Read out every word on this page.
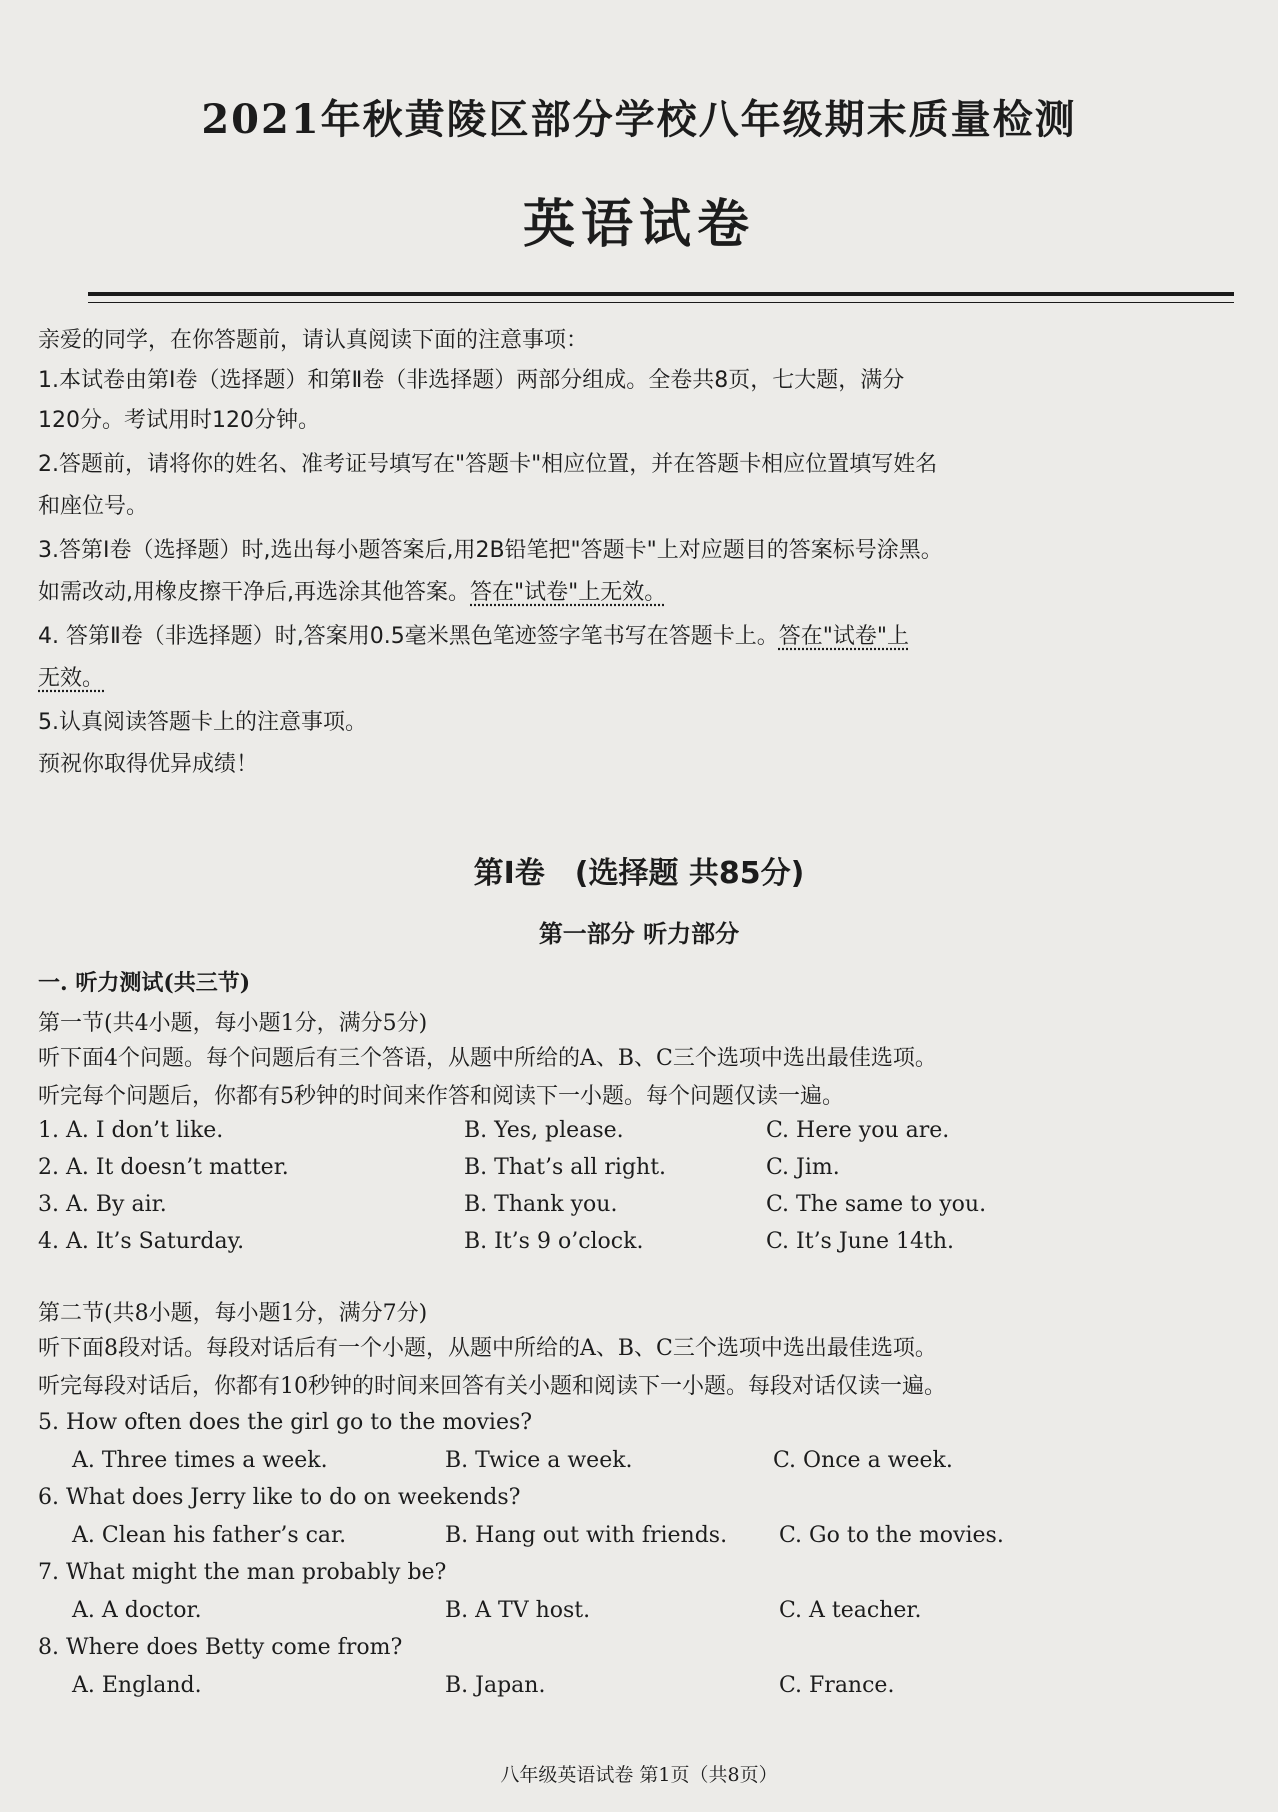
2021年秋黄陵区部分学校八年级期末质量检测
英语试卷
亲爱的同学，在你答题前，请认真阅读下面的注意事项：
1.本试卷由第Ⅰ卷（选择题）和第Ⅱ卷（非选择题）两部分组成。全卷共8页，七大题，满分
120分。考试用时120分钟。
2.答题前，请将你的姓名、准考证号填写在"答题卡"相应位置，并在答题卡相应位置填写姓名
和座位号。
3.答第Ⅰ卷（选择题）时,选出每小题答案后,用2B铅笔把"答题卡"上对应题目的答案标号涂黑。
如需改动,用橡皮擦干净后,再选涂其他答案。答在"试卷"上无效。
4. 答第Ⅱ卷（非选择题）时,答案用0.5毫米黑色笔迹签字笔书写在答题卡上。答在"试卷"上
无效。
5.认真阅读答题卡上的注意事项。
预祝你取得优异成绩！
第Ⅰ卷　(选择题 共85分)
第一部分 听力部分
一. 听力测试(共三节)
第一节(共4小题，每小题1分，满分5分)
听下面4个问题。每个问题后有三个答语，从题中所给的A、B、C三个选项中选出最佳选项。
听完每个问题后，你都有5秒钟的时间来作答和阅读下一小题。每个问题仅读一遍。
1. A. I don’t like.	B. Yes, please.	C. Here you are.
2. A. It doesn’t matter.	B. That’s all right.	C. Jim.
3. A. By air.	B. Thank you.	C. The same to you.
4. A. It’s Saturday.	B. It’s 9 o’clock.	C. It’s June 14th.
第二节(共8小题，每小题1分，满分7分)
听下面8段对话。每段对话后有一个小题，从题中所给的A、B、C三个选项中选出最佳选项。
听完每段对话后，你都有10秒钟的时间来回答有关小题和阅读下一小题。每段对话仅读一遍。
5. How often does the girl go to the movies?
A. Three times a week.	B. Twice a week.	C. Once a week.
6. What does Jerry like to do on weekends?
A. Clean his father’s car.	B. Hang out with friends. C. Go to the movies.
7. What might the man probably be?
A. A doctor.	B. A TV host.	C. A teacher.
8. Where does Betty come from?
A. England.	B. Japan.	C. France.
八年级英语试卷 第1页（共8页）
